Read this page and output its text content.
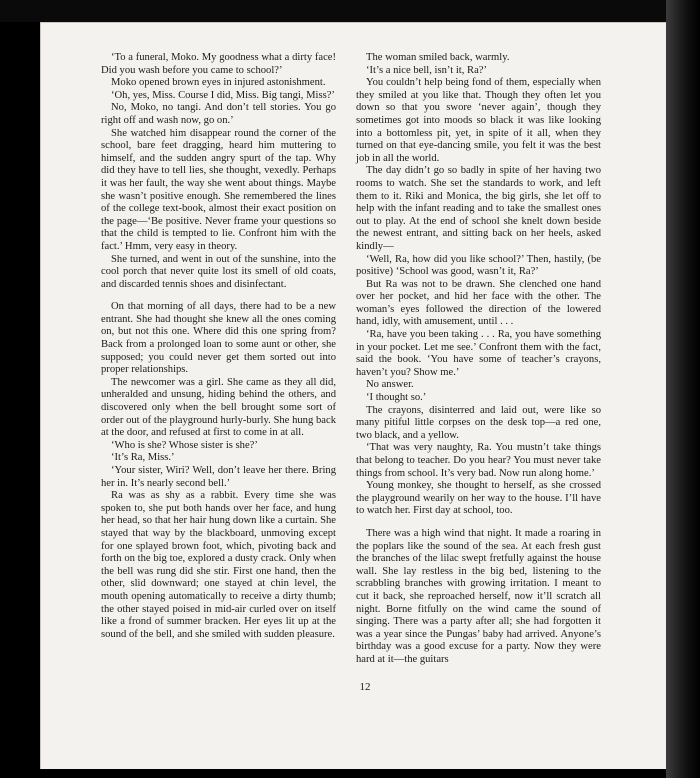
‘To a funeral, Moko. My goodness what a dirty face! Did you wash before you came to school?’

Moko opened brown eyes in injured astonishment.

‘Oh, yes, Miss. Course I did, Miss. Big tangi, Miss?’

No, Moko, no tangi. And don’t tell stories. You go right off and wash now, go on.’

She watched him disappear round the corner of the school, bare feet dragging, heard him muttering to himself, and the sudden angry spurt of the tap. Why did they have to tell lies, she thought, vexedly. Perhaps it was her fault, the way she went about things. Maybe she wasn’t positive enough. She remembered the lines of the college text-book, almost their exact position on the page—‘Be positive. Never frame your questions so that the child is tempted to lie. Confront him with the fact.’ Hmm, very easy in theory.

She turned, and went in out of the sunshine, into the cool porch that never quite lost its smell of old coats, and discarded tennis shoes and disinfectant.

On that morning of all days, there had to be a new entrant. She had thought she knew all the ones coming on, but not this one. Where did this one spring from? Back from a prolonged loan to some aunt or other, she supposed; you could never get them sorted out into proper relationships.

The newcomer was a girl. She came as they all did, unheralded and unsung, hiding behind the others, and discovered only when the bell brought some sort of order out of the playground hurly-burly. She hung back at the door, and refused at first to come in at all.

‘Who is she? Whose sister is she?’

‘It’s Ra, Miss.’

‘Your sister, Wiri? Well, don’t leave her there. Bring her in. It’s nearly second bell.’

Ra was as shy as a rabbit. Every time she was spoken to, she put both hands over her face, and hung her head, so that her hair hung down like a curtain. She stayed that way by the blackboard, unmoving except for one splayed brown foot, which, pivoting back and forth on the big toe, explored a dusty crack. Only when the bell was rung did she stir. First one hand, then the other, slid downward; one stayed at chin level, the mouth opening automatically to receive a dirty thumb; the other stayed poised in mid-air curled over on itself like a frond of summer bracken. Her eyes lit up at the sound of the bell, and she smiled with sudden pleasure.

The woman smiled back, warmly.

‘It’s a nice bell, isn’t it, Ra?’

You couldn’t help being fond of them, especially when they smiled at you like that. Though they often let you down so that you swore ‘never again’, though they sometimes got into moods so black it was like looking into a bottomless pit, yet, in spite of it all, when they turned on that eye-dancing smile, you felt it was the best job in all the world.

The day didn’t go so badly in spite of her having two rooms to watch. She set the standards to work, and left them to it. Riki and Monica, the big girls, she let off to help with the infant reading and to take the smallest ones out to play. At the end of school she knelt down beside the newest entrant, and sitting back on her heels, asked kindly—

‘Well, Ra, how did you like school?’ Then, hastily, (be positive) ‘School was good, wasn’t it, Ra?’

But Ra was not to be drawn. She clenched one hand over her pocket, and hid her face with the other. The woman’s eyes followed the direction of the lowered hand, idly, with amusement, until . . .

‘Ra, have you been taking . . . Ra, you have something in your pocket. Let me see.’ Confront them with the fact, said the book. ‘You have some of teacher’s crayons, haven’t you? Show me.’

No answer.

‘I thought so.’

The crayons, disinterred and laid out, were like so many pitiful little corpses on the desk top—a red one, two black, and a yellow.

‘That was very naughty, Ra. You mustn’t take things that belong to teacher. Do you hear? You must never take things from school. It’s very bad. Now run along home.’

Young monkey, she thought to herself, as she crossed the playground wearily on her way to the house. I’ll have to watch her. First day at school, too.

There was a high wind that night. It made a roaring in the poplars like the sound of the sea. At each fresh gust the branches of the lilac swept fretfully against the house wall. She lay restless in the big bed, listening to the scrabbling branches with growing irritation. I meant to cut it back, she reproached herself, now it’ll scratch all night. Borne fitfully on the wind came the sound of singing. There was a party after all; she had forgotten it was a year since the Pungas’ baby had arrived. Anyone’s birthday was a good excuse for a party. Now they were hard at it—the guitars

12
